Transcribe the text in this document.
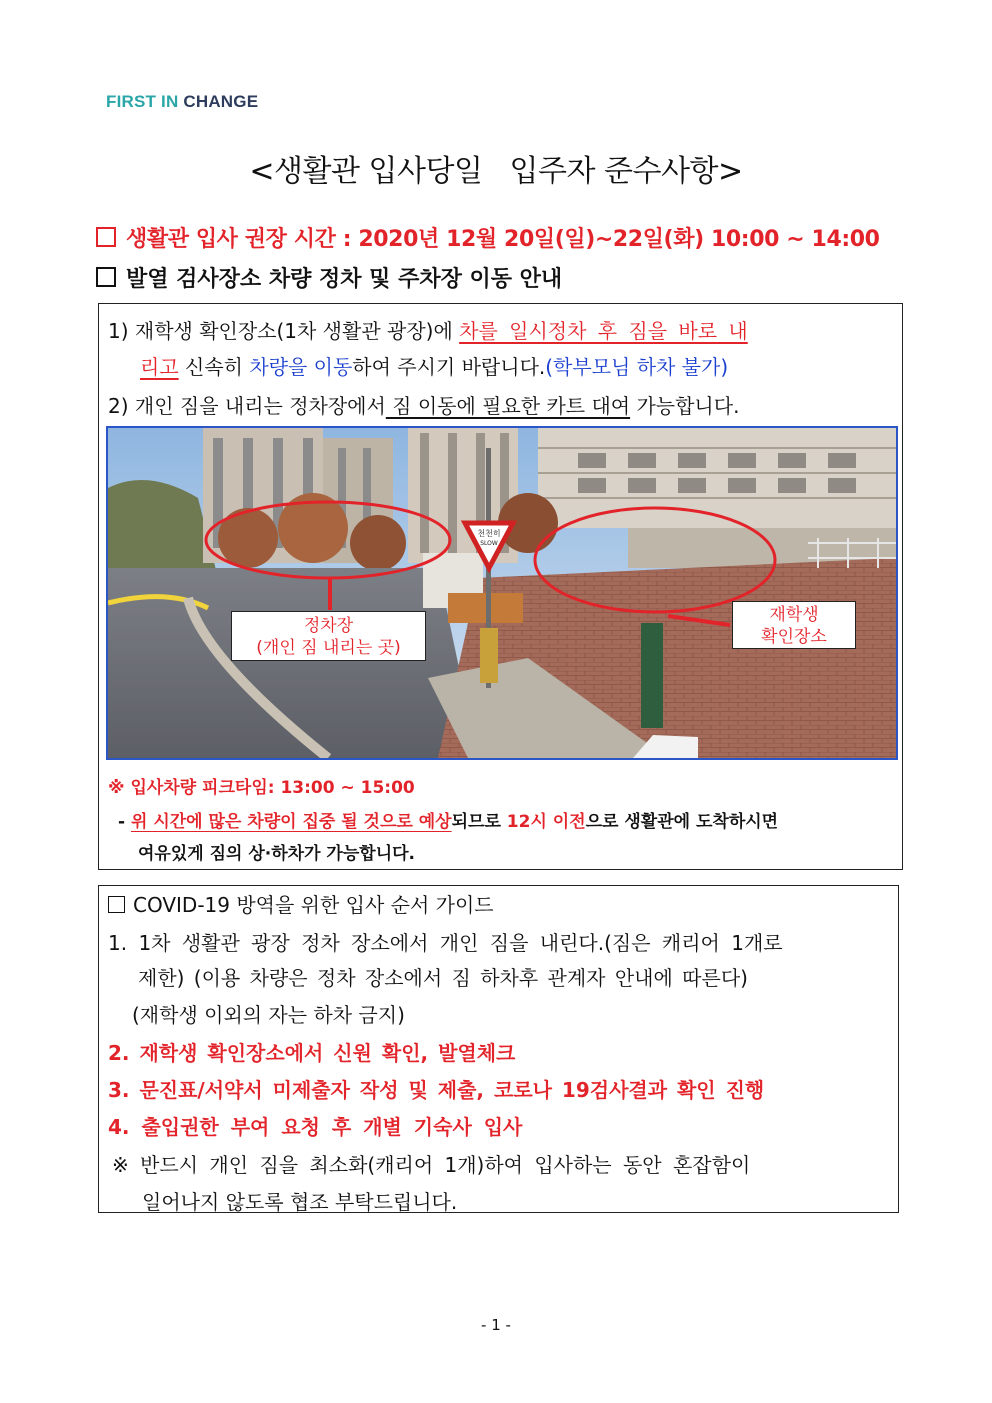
FIRST IN CHANGE
<생활관 입사당일   입주자 준수사항>
생활관 입사 권장 시간 : 2020년 12월 20일(일)~22일(화) 10:00 ~ 14:00
발열 검사장소 차량 정차 및 주차장 이동 안내
1) 재학생 확인장소(1차 생활관 광장)에 차를 일시정차 후 짐을 바로 내
리고 신속히 차량을 이동하여 주시기 바랍니다.(학부모님 하차 불가)
2) 개인 짐을 내리는 정차장에서 짐 이동에 필요한 카트 대여 가능합니다.
천천히
SLOW
정차장
(개인 짐 내리는 곳)
재학생
확인장소
※ 입사차량 피크타임: 13:00 ~ 15:00
- 위 시간에 많은 차량이 집중 될 것으로 예상되므로 12시 이전으로 생활관에 도착하시면
여유있게 짐의 상·하차가 가능합니다.
COVID-19 방역을 위한 입사 순서 가이드
1. 1차 생활관 광장 정차 장소에서 개인 짐을 내린다.(짐은 캐리어 1개로
제한) (이용 차량은 정차 장소에서 짐 하차후 관계자 안내에 따른다)
(재학생 이외의 자는 하차 금지)
2. 재학생 확인장소에서 신원 확인, 발열체크
3. 문진표/서약서 미제출자 작성 및 제출, 코로나 19검사결과 확인 진행
4. 출입권한 부여 요청 후 개별 기숙사 입사
※ 반드시 개인 짐을 최소화(캐리어 1개)하여 입사하는 동안 혼잡함이
일어나지 않도록 협조 부탁드립니다.
- 1 -
